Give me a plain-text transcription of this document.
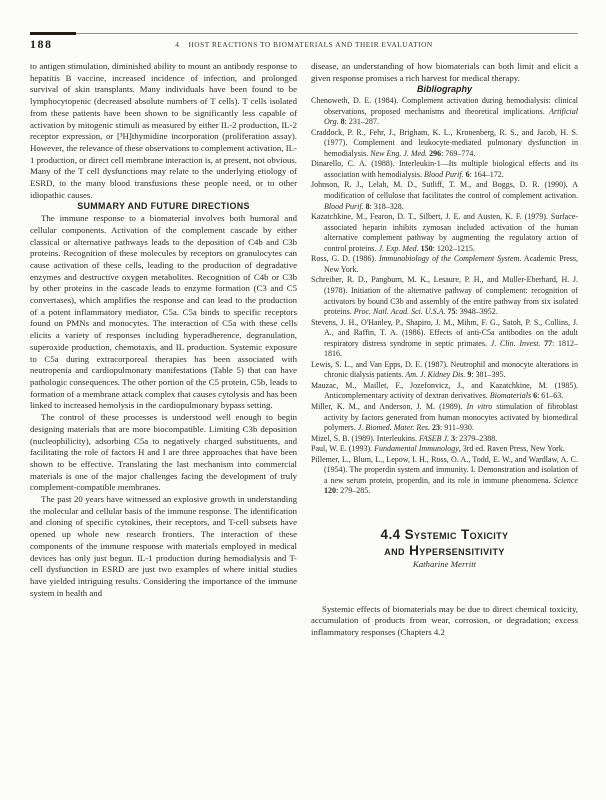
188	4 HOST REACTIONS TO BIOMATERIALS AND THEIR EVALUATION

to antigen stimulation, diminished ability to mount an antibody response to hepatitis B vaccine, increased incidence of infection, and prolonged survival of skin transplants. Many individuals have been found to be lymphocytopenic (decreased absolute numbers of T cells). T cells isolated from these patients have been shown to be significantly less capable of activation by mitogenic stimuli as measured by either IL-2 production, IL-2 receptor expression, or [³H]thymidine incorporation (proliferation assay). However, the relevance of these observations to complement activation, IL-1 production, or direct cell membrane interaction is, at present, not obvious. Many of the T cell dysfunctions may relate to the underlying etiology of ESRD, to the many blood transfusions these people need, or to other idiopathic causes.

SUMMARY AND FUTURE DIRECTIONS

The immune response to a biomaterial involves both humoral and cellular components. Activation of the complement cascade by either classical or alternative pathways leads to the deposition of C4b and C3b proteins. Recognition of these molecules by receptors on granulocytes can cause activation of these cells, leading to the production of degradative enzymes and destructive oxygen metabolites. Recognition of C4b or C3b by other proteins in the cascade leads to enzyme formation (C3 and C5 convertases), which amplifies the response and can lead to the production of a potent inflammatory mediator, C5a. C5a binds to specific receptors found on PMNs and monocytes. The interaction of C5a with these cells elicits a variety of responses including hyperadherence, degranulation, superoxide production, chemotaxis, and IL production. Systemic exposure to C5a during extracorporeal therapies has been associated with neutropenia and cardiopulmonary manifestations (Table 5) that can have pathologic consequences. The other portion of the C5 protein, C5b, leads to formation of a membrane attack complex that causes cytolysis and has been linked to increased hemolysis in the cardiopulmonary bypass setting.

The control of these processes is understood well enough to begin designing materials that are more biocompatible. Limiting C3b deposition (nucleophilicity), adsorbing C5a to negatively charged substituents, and facilitating the role of factors H and I are three approaches that have been shown to be effective. Translating the last mechanism into commercial materials is one of the major challenges facing the development of truly complement-compatible membranes.

The past 20 years have witnessed an explosive growth in understanding the molecular and cellular basis of the immune response. The identification and cloning of specific cytokines, their receptors, and T-cell subsets have opened up whole new research frontiers. The interaction of these components of the immune response with materials employed in medical devices has only just begun. IL-1 production during hemodialysis and T-cell dysfunction in ESRD are just two examples of where initial studies have yielded intriguing results. Considering the importance of the immune system in health and

disease, an understanding of how biomaterials can both limit and elicit a given response promises a rich harvest for medical therapy.

Bibliography

Chenoweth, D. E. (1984). Complement activation during hemodialysis: clinical observations, proposed mechanisms and theoretical implications. Artificial Org. 8: 231–287.
Craddock, P. R., Fehr, J., Brigham, K. L., Kronenberg, R. S., and Jacob, H. S. (1977). Complement and leukocyte-mediated pulmonary dysfunction in hemodialysis. New Eng. J. Med. 296: 769–774.
Dinarello, C. A. (1988). Interleukin-1—Its multiple biological effects and its association with hemodialysis. Blood Purif. 6: 164–172.
Johnson, R. J., Lelah, M. D., Sutliff, T. M., and Boggs, D. R. (1990). A modification of cellulose that facilitates the control of complement activation. Blood Purif. 8: 318–328.
Kazatchkine, M., Fearon, D. T., Silbert, J. E. and Austen, K. F. (1979). Surface-associated heparin inhibits zymosan included activation of the human alternative complement pathway by augmenting the regulatory action of control proteins. J. Exp. Med. 150: 1202–1215.
Ross, G. D. (1986). Immunobiology of the Complement System. Academic Press, New York.
Schreiber, R. D., Pangburn, M. K., Lesaure, P. H., and Muller-Eberhard, H. J. (1978). Initiation of the alternative pathway of complement: recognition of activators by bound C3b and assembly of the entire pathway from six isolated proteins. Proc. Natl. Acad. Sci. U.S.A. 75: 3948–3952.
Stevens, J. H., O'Hanley, P., Shapiro, J. M., Mihm, F. G., Satoh, P. S., Collins, J. A., and Raffin, T. A. (1986). Effects of anti-C5a antibodies on the adult respiratory distress syndrome in septic primates. J. Clin. Invest. 77: 1812–1816.
Lewis, S. L., and Van Epps, D. E. (1987). Neutrophil and monocyte alterations in chronic dialysis patients. Am. J. Kidney Dis. 9: 381–395.
Mauzac, M., Maillet, F., Jozefonvicz, J., and Kazatchkine, M. (1985). Anticomplementary activity of dextran derivatives. Biomaterials 6: 61–63.
Miller, K. M., and Anderson, J. M. (1989). In vitro stimulation of fibroblast activity by factors generated from human monocytes activated by biomedical polymers. J. Biomed. Mater. Res. 23: 911–930.
Mizel, S. B. (1989). Interleukins. FASEB J. 3: 2379–2388.
Paul, W. E. (1993). Fundamental Immunology, 3rd ed. Raven Press, New York.
Pillemer, L., Blum, L., Lepow, I. H., Ross, O. A., Todd, E. W., and Wardlaw, A. C. (1954). The properdin system and immunity. I. Demonstration and isolation of a new serum protein, properdin, and its role in immune phenomena. Science 120: 279–285.
4.4 Systemic Toxicity
and Hypersensitivity

Katharine Merritt

Systemic effects of biomaterials may be due to direct chemical toxicity, accumulation of products from wear, corrosion, or degradation; excess inflammatory responses (Chapters 4.2
